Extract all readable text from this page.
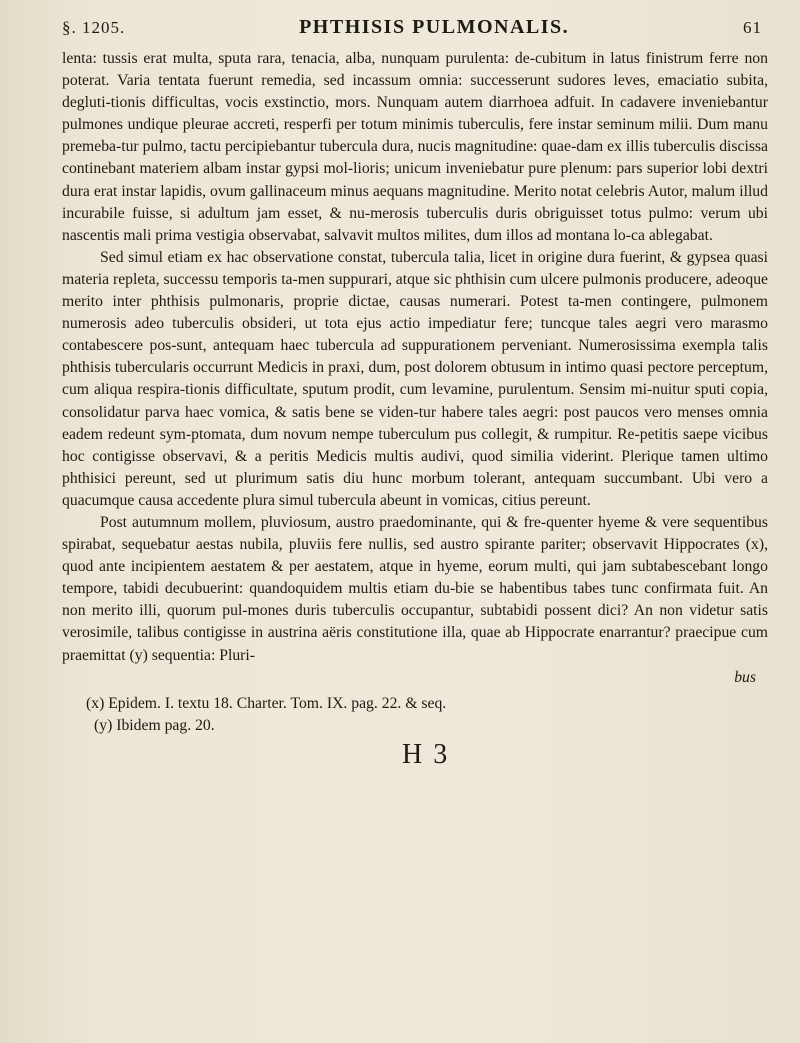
§. 1205.	PHTHISIS PULMONALIS.	61

lenta: tussis erat multa, sputa rara, tenacia, alba, nunquam purulenta: de-cubitum in latus finistrum ferre non poterat. Varia tentata fuerunt remedia, sed incassum omnia: successerunt sudores leves, emaciatio subita, degluti-tionis difficultas, vocis exstinctio, mors. Nunquam autem diarrhoea adfuit. In cadavere inveniebantur pulmones undique pleurae accreti, resperfi per totum minimis tuberculis, fere instar seminum milii. Dum manu premeba-tur pulmo, tactu percipiebantur tubercula dura, nucis magnitudine: quae-dam ex illis tuberculis discissa continebant materiem albam instar gypsi mol-lioris; unicum inveniebatur pure plenum: pars superior lobi dextri dura erat instar lapidis, ovum gallinaceum minus aequans magnitudine. Merito notat celebris Autor, malum illud incurabile fuisse, si adultum jam esset, & nu-merosis tuberculis duris obriguisset totus pulmo: verum ubi nascentis mali prima vestigia observabat, salvavit multos milites, dum illos ad montana lo-ca ablegabat.

Sed simul etiam ex hac observatione constat, tubercula talia, licet in origine dura fuerint, & gypsea quasi materia repleta, successu temporis ta-men suppurari, atque sic phthisin cum ulcere pulmonis producere, adeoque merito inter phthisis pulmonaris, proprie dictae, causas numerari. Potest ta-men contingere, pulmonem numerosis adeo tuberculis obsideri, ut tota ejus actio impediatur fere; tuncque tales aegri vero marasmo contabescere pos-sunt, antequam haec tubercula ad suppurationem perveniant. Numerosissima exempla talis phthisis tubercularis occurrunt Medicis in praxi, dum, post dolorem obtusum in intimo quasi pectore perceptum, cum aliqua respira-tionis difficultate, sputum prodit, cum levamine, purulentum. Sensim mi-nuitur sputi copia, consolidatur parva haec vomica, & satis bene se viden-tur habere tales aegri: post paucos vero menses omnia eadem redeunt sym-ptomata, dum novum nempe tuberculum pus collegit, & rumpitur. Re-petitis saepe vicibus hoc contigisse observavi, & a peritis Medicis multis audivi, quod similia viderint. Plerique tamen ultimo phthisici pereunt, sed ut plurimum satis diu hunc morbum tolerant, antequam succumbant. Ubi vero a quacumque causa accedente plura simul tubercula abeunt in vomicas, citius pereunt.

Post autumnum mollem, pluviosum, austro praedominante, qui & fre-quenter hyeme & vere sequentibus spirabat, sequebatur aestas nubila, pluviis fere nullis, sed austro spirante pariter; observavit Hippocrates (x), quod ante incipientem aestatem & per aestatem, atque in hyeme, eorum multi, qui jam subtabescebant longo tempore, tabidi decubuerint: quandoquidem multis etiam du-bie se habentibus tabes tunc confirmata fuit. An non merito illi, quorum pul-mones duris tuberculis occupantur, subtabidi possent dici? An non videtur satis verosimile, talibus contigisse in austrina aëris constitutione illa, quae ab Hippocrate enarrantur? praecipue cum praemittat (y) sequentia: Pluri-

bus
(x) Epidem. I. textu 18. Charter. Tom. IX. pag. 22. & seq.
(y) Ibidem pag. 20.
H 3
